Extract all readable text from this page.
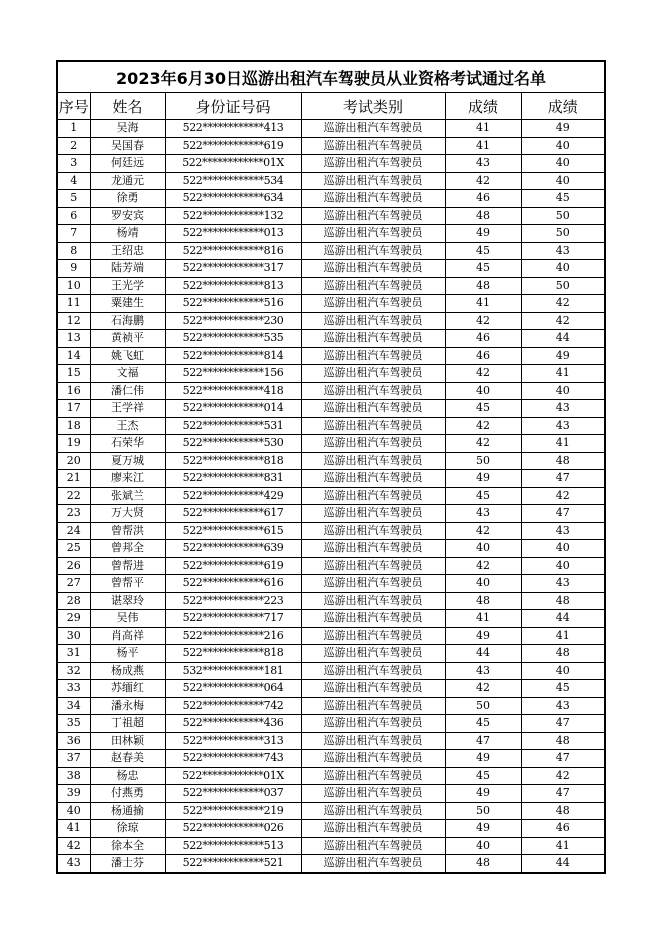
2023年6月30日巡游出租汽车驾驶员从业资格考试通过名单					
序号	姓名	身份证号码	考试类别	成绩	成绩
1	吴海	522************413	巡游出租汽车驾驶员	41	49
2	吴国春	522************619	巡游出租汽车驾驶员	41	40
3	何廷远	522************01X	巡游出租汽车驾驶员	43	40
4	龙通元	522************534	巡游出租汽车驾驶员	42	40
5	徐勇	522************634	巡游出租汽车驾驶员	46	45
6	罗安宾	522************132	巡游出租汽车驾驶员	48	50
7	杨靖	522************013	巡游出租汽车驾驶员	49	50
8	王绍忠	522************816	巡游出租汽车驾驶员	45	43
9	陆芳端	522************317	巡游出租汽车驾驶员	45	40
10	王光学	522************813	巡游出租汽车驾驶员	48	50
11	粟建生	522************516	巡游出租汽车驾驶员	41	42
12	石海鹏	522************230	巡游出租汽车驾驶员	42	42
13	黄祯平	522************535	巡游出租汽车驾驶员	46	44
14	姚飞虹	522************814	巡游出租汽车驾驶员	46	49
15	文福	522************156	巡游出租汽车驾驶员	42	41
16	潘仁伟	522************418	巡游出租汽车驾驶员	40	40
17	王学祥	522************014	巡游出租汽车驾驶员	45	43
18	王杰	522************531	巡游出租汽车驾驶员	42	43
19	石荣华	522************530	巡游出租汽车驾驶员	42	41
20	夏万城	522************818	巡游出租汽车驾驶员	50	48
21	廖来江	522************831	巡游出租汽车驾驶员	49	47
22	张斌兰	522************429	巡游出租汽车驾驶员	45	42
23	万大贤	522************617	巡游出租汽车驾驶员	43	47
24	曾帮洪	522************615	巡游出租汽车驾驶员	42	43
25	曾邦全	522************639	巡游出租汽车驾驶员	40	40
26	曾帮进	522************619	巡游出租汽车驾驶员	42	40
27	曾帮平	522************616	巡游出租汽车驾驶员	40	43
28	谌翠玲	522************223	巡游出租汽车驾驶员	48	48
29	吴伟	522************717	巡游出租汽车驾驶员	41	44
30	肖高祥	522************216	巡游出租汽车驾驶员	49	41
31	杨平	522************818	巡游出租汽车驾驶员	44	48
32	杨成燕	532************181	巡游出租汽车驾驶员	43	40
33	苏缅红	522************064	巡游出租汽车驾驶员	42	45
34	潘永梅	522************742	巡游出租汽车驾驶员	50	43
35	丁祖超	522************436	巡游出租汽车驾驶员	45	47
36	田林颖	522************313	巡游出租汽车驾驶员	47	48
37	赵春美	522************743	巡游出租汽车驾驶员	49	47
38	杨忠	522************01X	巡游出租汽车驾驶员	45	42
39	付燕勇	522************037	巡游出租汽车驾驶员	49	47
40	杨通揄	522************219	巡游出租汽车驾驶员	50	48
41	徐琼	522************026	巡游出租汽车驾驶员	49	46
42	徐本全	522************513	巡游出租汽车驾驶员	40	41
43	潘士芬	522************521	巡游出租汽车驾驶员	48	44
